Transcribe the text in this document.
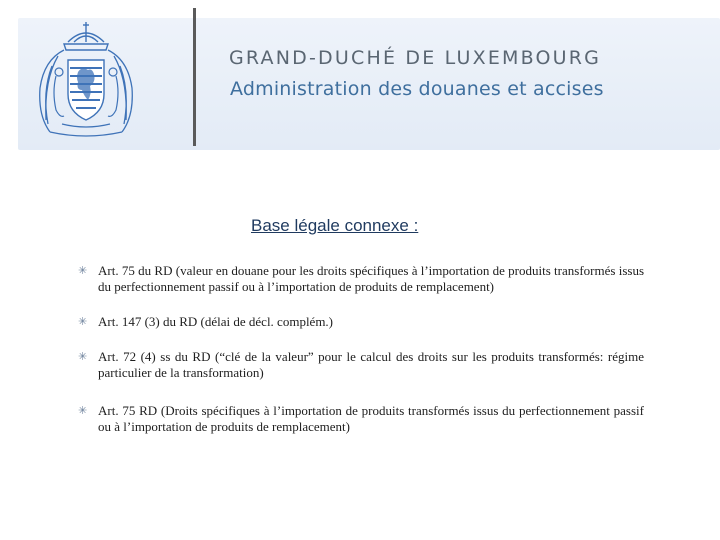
GRAND-DUCHÉ DE LUXEMBOURG
Administration des douanes et accises
Base légale connexe :
✳ Art. 75 du RD (valeur en douane pour les droits spécifiques à l’importation de produits transformés issus du perfectionnement passif ou à l’importation de produits de remplacement)
✳ Art. 147 (3) du RD (délai de décl. complém.)
✳ Art. 72 (4) ss du RD (“clé de la valeur” pour le calcul des droits sur les produits transformés: régime particulier de la transformation)
✳ Art. 75 RD (Droits spécifiques à l’importation de produits transformés issus du perfectionnement passif ou à l’importation de produits de remplacement)
